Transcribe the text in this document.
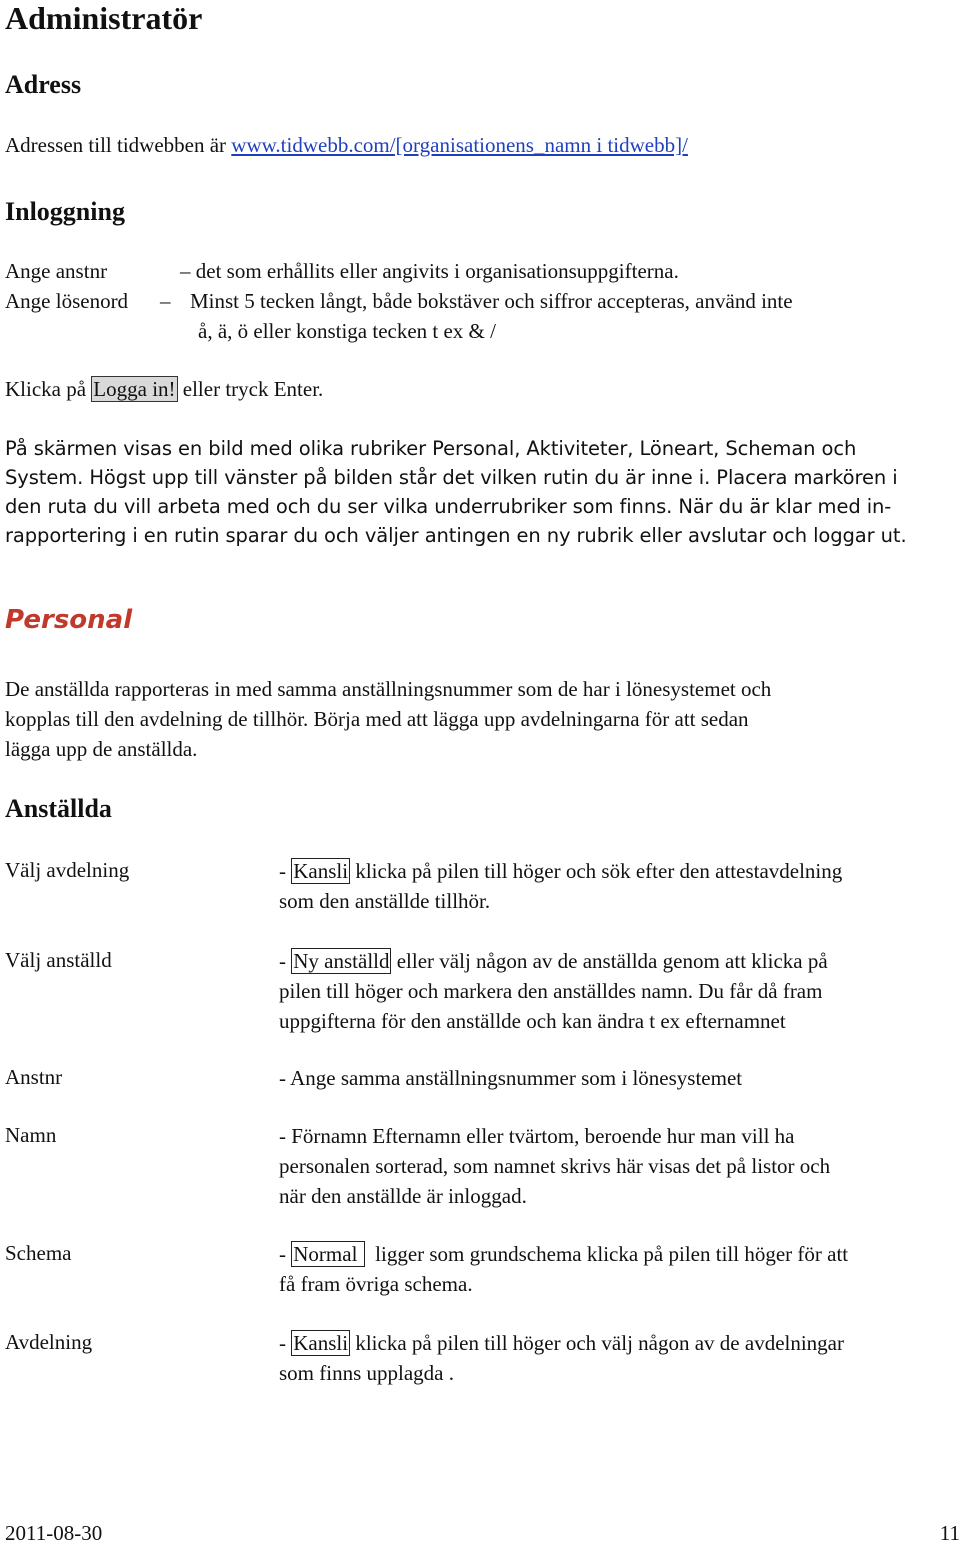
Administratör
Adress
Adressen till tidwebben är www.tidwebb.com/[organisationens_namn i tidwebb]/
Inloggning
Ange anstnr	– det som erhållits eller angivits i organisationsuppgifterna.
Ange lösenord – Minst 5 tecken långt, både bokstäver och siffror accepteras, använd inte
å, ä, ö eller konstiga tecken t ex & /
Klicka på Logga in! eller tryck Enter.
På skärmen visas en bild med olika rubriker Personal, Aktiviteter, Löneart, Scheman och
System. Högst upp till vänster på bilden står det vilken rutin du är inne i. Placera markören i
den ruta du vill arbeta med och du ser vilka underrubriker som finns. När du är klar med in-
rapportering i en rutin sparar du och väljer antingen en ny rubrik eller avslutar och loggar ut.
Personal
De anställda rapporteras in med samma anställningsnummer som de har i lönesystemet och
kopplas till den avdelning de tillhör. Börja med att lägga upp avdelningarna för att sedan
lägga upp de anställda.
Anställda
Välj avdelning	- Kansli klicka på pilen till höger och sök efter den attestavdelning
som den anställde tillhör.
Välj anställd	- Ny anställd eller välj någon av de anställda genom att klicka på
pilen till höger och markera den anställdes namn. Du får då fram
uppgifterna för den anställde och kan ändra t ex efternamnet
Anstnr	- Ange samma anställningsnummer som i lönesystemet
Namn	- Förnamn Efternamn eller tvärtom, beroende hur man vill ha
personalen sorterad, som namnet skrivs här visas det på listor och
när den anställde är inloggad.
Schema	- Normal   ligger som grundschema klicka på pilen till höger för att
få fram övriga schema.
Avdelning	- Kansli klicka på pilen till höger och välj någon av de avdelningar
som finns upplagda .
2011-08-30	11
